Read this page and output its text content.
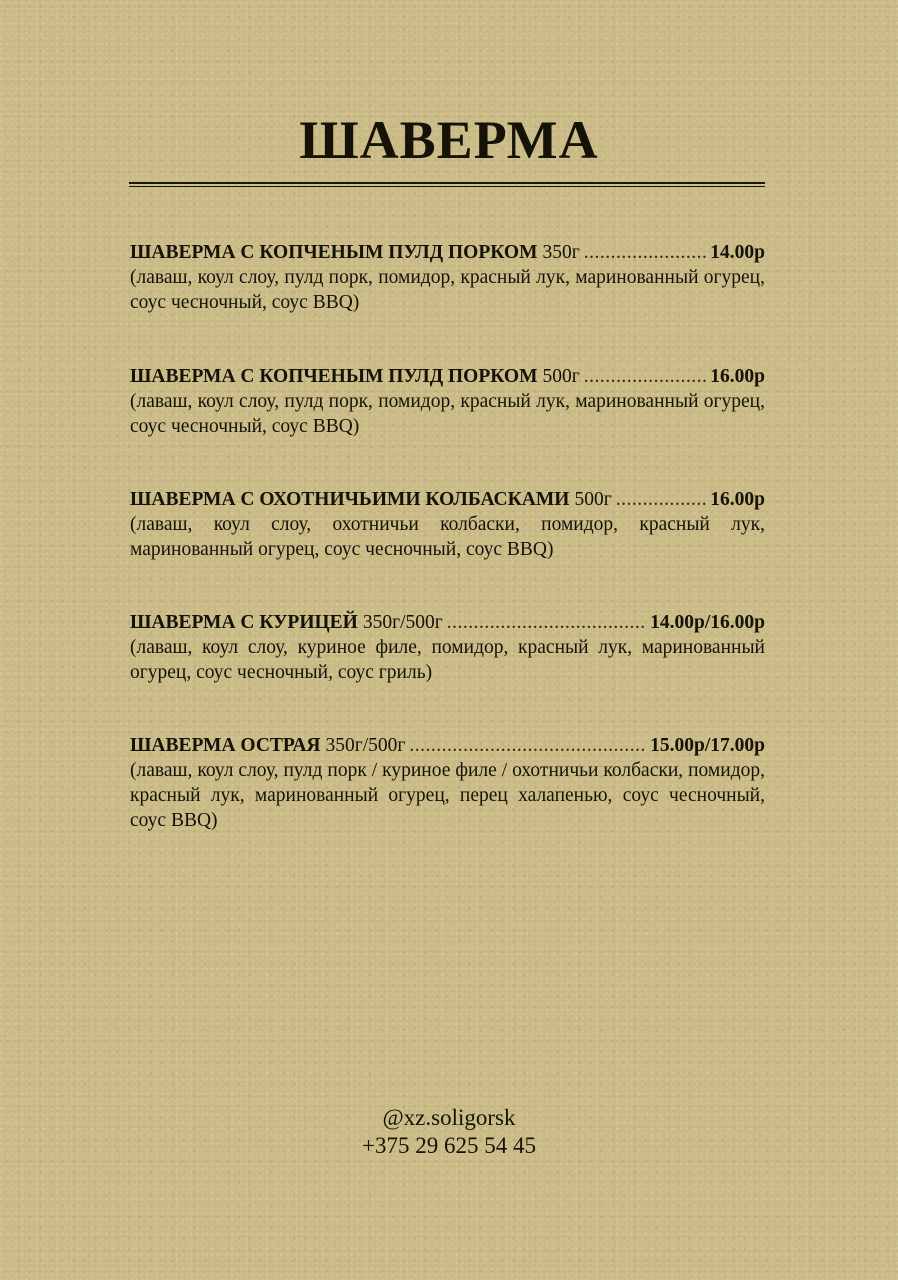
ШАВЕРМА
ШАВЕРМА С КОПЧЕНЫМ ПУЛД ПОРКОМ 350г .....	14.00р
(лаваш, коул слоу, пулд порк, помидор, красный лук, маринованный огурец, соус чесночный, соус BBQ)
ШАВЕРМА С КОПЧЕНЫМ ПУЛД ПОРКОМ 500г .....	16.00р
(лаваш, коул слоу, пулд порк, помидор, красный лук, маринованный огурец, соус чесночный, соус BBQ)
ШАВЕРМА С ОХОТНИЧЬИМИ КОЛБАСКАМИ 500г .....	16.00р
(лаваш, коул слоу, охотничьи колбаски, помидор, красный лук, маринованный огурец, соус чесночный, соус BBQ)
ШАВЕРМА С КУРИЦЕЙ 350г/500г .....	14.00р/16.00р
(лаваш, коул слоу, куриное филе, помидор, красный лук, маринованный огурец, соус чесночный, соус гриль)
ШАВЕРМА ОСТРАЯ 350г/500г .....	15.00р/17.00р
(лаваш, коул слоу, пулд порк / куриное филе / охотничьи колбаски, помидор, красный лук, маринованный огурец, перец халапенью, соус чесночный, соус BBQ)
@xz.soligorsk
+375 29 625 54 45
